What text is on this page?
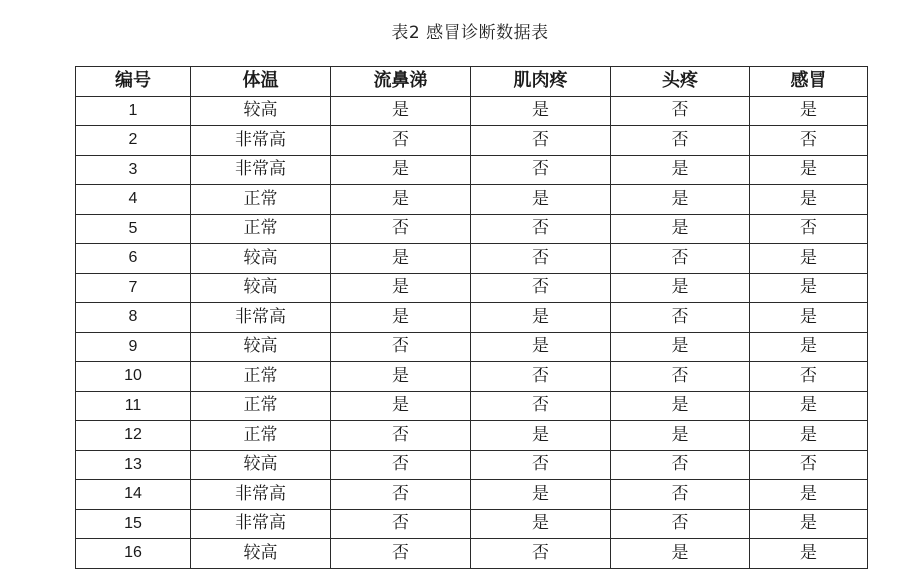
表2 感冒诊断数据表
编号	体温	流鼻涕	肌肉疼	头疼	感冒
1	较高	是	是	否	是
2	非常高	否	否	否	否
3	非常高	是	否	是	是
4	正常	是	是	是	是
5	正常	否	否	是	否
6	较高	是	否	否	是
7	较高	是	否	是	是
8	非常高	是	是	否	是
9	较高	否	是	是	是
10	正常	是	否	否	否
11	正常	是	否	是	是
12	正常	否	是	是	是
13	较高	否	否	否	否
14	非常高	否	是	否	是
15	非常高	否	是	否	是
16	较高	否	否	是	是
